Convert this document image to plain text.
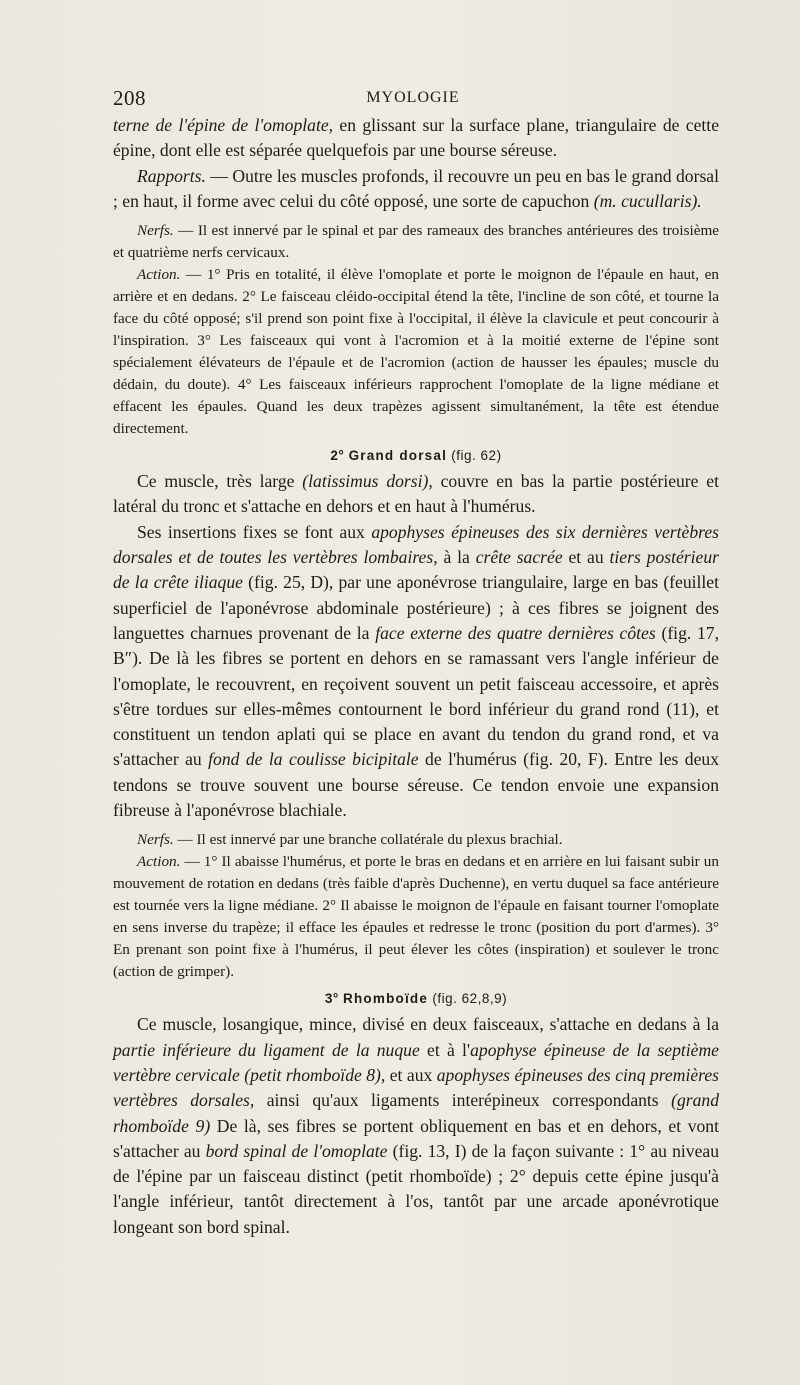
208	MYOLOGIE

terne de l'épine de l'omoplate, en glissant sur la surface plane, triangulaire de cette épine, dont elle est séparée quelquefois par une bourse séreuse.

Rapports. — Outre les muscles profonds, il recouvre un peu en bas le grand dorsal ; en haut, il forme avec celui du côté opposé, une sorte de capuchon (m. cucullaris).

Nerfs. — Il est innervé par le spinal et par des rameaux des branches antérieures des troisième et quatrième nerfs cervicaux.

Action. — 1° Pris en totalité, il élève l'omoplate et porte le moignon de l'épaule en haut, en arrière et en dedans. 2° Le faisceau cléido-occipital étend la tête, l'incline de son côté, et tourne la face du côté opposé; s'il prend son point fixe à l'occipital, il élève la clavicule et peut concourir à l'inspiration. 3° Les faisceaux qui vont à l'acromion et à la moitié externe de l'épine sont spécialement élévateurs de l'épaule et de l'acromion (action de hausser les épaules; muscle du dédain, du doute). 4° Les faisceaux inférieurs rapprochent l'omoplate de la ligne médiane et effacent les épaules. Quand les deux trapèzes agissent simultanément, la tête est étendue directement.

2° Grand dorsal (fig. 62)

Ce muscle, très large (latissimus dorsi), couvre en bas la partie postérieure et latéral du tronc et s'attache en dehors et en haut à l'humérus.

Ses insertions fixes se font aux apophyses épineuses des six dernières vertèbres dorsales et de toutes les vertèbres lombaires, à la crête sacrée et au tiers postérieur de la crête iliaque (fig. 25, D), par une aponévrose triangulaire, large en bas (feuillet superficiel de l'aponévrose abdominale postérieure) ; à ces fibres se joignent des languettes charnues provenant de la face externe des quatre dernières côtes (fig. 17, B″). De là les fibres se portent en dehors en se ramassant vers l'angle inférieur de l'omoplate, le recouvrent, en reçoivent souvent un petit faisceau accessoire, et après s'être tordues sur elles-mêmes contournent le bord inférieur du grand rond (11), et constituent un tendon aplati qui se place en avant du tendon du grand rond, et va s'attacher au fond de la coulisse bicipitale de l'humérus (fig. 20, F). Entre les deux tendons se trouve souvent une bourse séreuse. Ce tendon envoie une expansion fibreuse à l'aponévrose blachiale.

Nerfs. — Il est innervé par une branche collatérale du plexus brachial.

Action. — 1° Il abaisse l'humérus, et porte le bras en dedans et en arrière en lui faisant subir un mouvement de rotation en dedans (très faible d'après Duchenne), en vertu duquel sa face antérieure est tournée vers la ligne médiane. 2° Il abaisse le moignon de l'épaule en faisant tourner l'omoplate en sens inverse du trapèze; il efface les épaules et redresse le tronc (position du port d'armes). 3° En prenant son point fixe à l'humérus, il peut élever les côtes (inspiration) et soulever le tronc (action de grimper).

3° Rhomboïde (fig. 62,8,9)

Ce muscle, losangique, mince, divisé en deux faisceaux, s'attache en dedans à la partie inférieure du ligament de la nuque et à l'apophyse épineuse de la septième vertèbre cervicale (petit rhomboïde 8), et aux apophyses épineuses des cinq premières vertèbres dorsales, ainsi qu'aux ligaments interépineux correspondants (grand rhomboïde 9) De là, ses fibres se portent obliquement en bas et en dehors, et vont s'attacher au bord spinal de l'omoplate (fig. 13, I) de la façon suivante : 1° au niveau de l'épine par un faisceau distinct (petit rhomboïde) ; 2° depuis cette épine jusqu'à l'angle inférieur, tantôt directement à l'os, tantôt par une arcade aponévrotique longeant son bord spinal.
